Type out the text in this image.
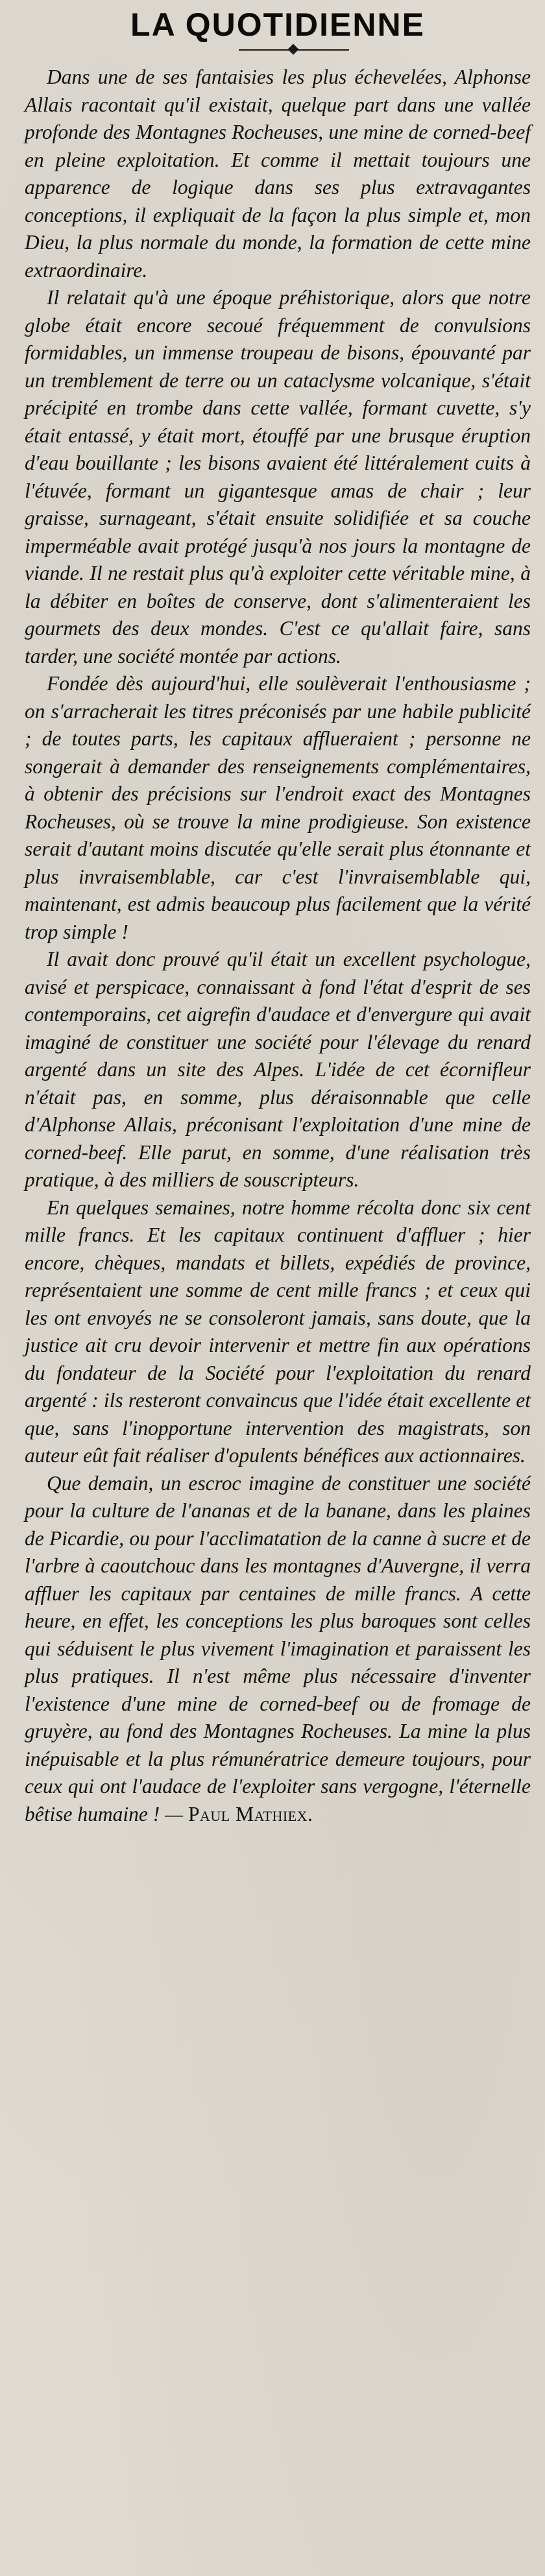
LA QUOTIDIENNE

Dans une de ses fantaisies les plus échevelées, Alphonse Allais racontait qu'il existait, quelque part dans une vallée profonde des Montagnes Rocheuses, une mine de corned-beef en pleine exploitation. Et comme il mettait toujours une apparence de logique dans ses plus extravagantes conceptions, il expliquait de la façon la plus simple et, mon Dieu, la plus normale du monde, la formation de cette mine extraordinaire.

Il relatait qu'à une époque préhistorique, alors que notre globe était encore secoué fréquemment de convulsions formidables, un immense troupeau de bisons, épouvanté par un tremblement de terre ou un cataclysme volcanique, s'était précipité en trombe dans cette vallée, formant cuvette, s'y était entassé, y était mort, étouffé par une brusque éruption d'eau bouillante ; les bisons avaient été littéralement cuits à l'étuvée, formant un gigantesque amas de chair ; leur graisse, surnageant, s'était ensuite solidifiée et sa couche imperméable avait protégé jusqu'à nos jours la montagne de viande. Il ne restait plus qu'à exploiter cette véritable mine, à la débiter en boîtes de conserve, dont s'alimenteraient les gourmets des deux mondes. C'est ce qu'allait faire, sans tarder, une société montée par actions.

Fondée dès aujourd'hui, elle soulèverait l'enthousiasme ; on s'arracherait les titres préconisés par une habile publicité ; de toutes parts, les capitaux afflueraient ; personne ne songerait à demander des renseignements complémentaires, à obtenir des précisions sur l'endroit exact des Montagnes Rocheuses, où se trouve la mine prodigieuse. Son existence serait d'autant moins discutée qu'elle serait plus étonnante et plus invraisemblable, car c'est l'invraisemblable qui, maintenant, est admis beaucoup plus facilement que la vérité trop simple !

Il avait donc prouvé qu'il était un excellent psychologue, avisé et perspicace, connaissant à fond l'état d'esprit de ses contemporains, cet aigrefin d'audace et d'envergure qui avait imaginé de constituer une société pour l'élevage du renard argenté dans un site des Alpes. L'idée de cet écornifleur n'était pas, en somme, plus déraisonnable que celle d'Alphonse Allais, préconisant l'exploitation d'une mine de corned-beef. Elle parut, en somme, d'une réalisation très pratique, à des milliers de souscripteurs.

En quelques semaines, notre homme récolta donc six cent mille francs. Et les capitaux continuent d'affluer ; hier encore, chèques, mandats et billets, expédiés de province, représentaient une somme de cent mille francs ; et ceux qui les ont envoyés ne se consoleront jamais, sans doute, que la justice ait cru devoir intervenir et mettre fin aux opérations du fondateur de la Société pour l'exploitation du renard argenté : ils resteront convaincus que l'idée était excellente et que, sans l'inopportune intervention des magistrats, son auteur eût fait réaliser d'opulents bénéfices aux actionnaires.

Que demain, un escroc imagine de constituer une société pour la culture de l'ananas et de la banane, dans les plaines de Picardie, ou pour l'acclimatation de la canne à sucre et de l'arbre à caoutchouc dans les montagnes d'Auvergne, il verra affluer les capitaux par centaines de mille francs. A cette heure, en effet, les conceptions les plus baroques sont celles qui séduisent le plus vivement l'imagination et paraissent les plus pratiques. Il n'est même plus nécessaire d'inventer l'existence d'une mine de corned-beef ou de fromage de gruyère, au fond des Montagnes Rocheuses. La mine la plus inépuisable et la plus rémunératrice demeure toujours, pour ceux qui ont l'audace de l'exploiter sans vergogne, l'éternelle bêtise humaine ! — Paul Mathiex.
